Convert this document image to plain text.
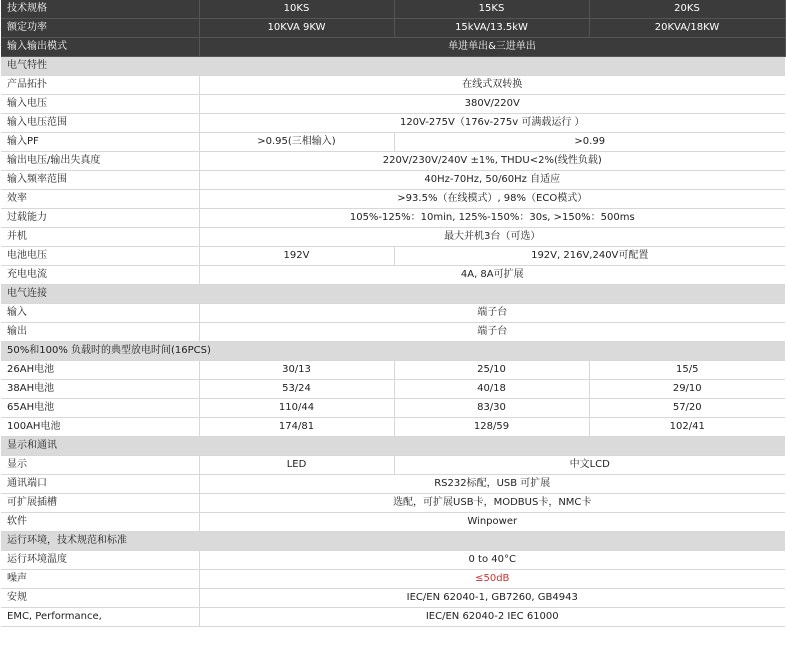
技术规格	10KS	15KS	20KS
额定功率	10KVA 9KW	15kVA/13.5kW	20KVA/18KW
输入输出模式	单进单出&三进单出		
电气特性			
产品拓扑	在线式双转换		
输入电压	380V/220V		
输入电压范围	120V-275V（176v-275v 可满载运行 ）		
输入PF	>0.95(三相输入)	>0.99	
输出电压/输出失真度	220V/230V/240V ±1%, THDU<2%(线性负载)		
输入频率范围	40Hz-70Hz, 50/60Hz 自适应		
效率	>93.5%（在线模式）, 98%（ECO模式）		
过载能力	105%-125%：10min, 125%-150%：30s, >150%：500ms		
并机	最大并机3台（可选）		
电池电压	192V	192V, 216V,240V可配置	
充电电流	4A, 8A可扩展		
电气连接			
输入	端子台		
输出	端子台		
50%和100% 负载时的典型放电时间(16PCS)			
26AH电池	30/13	25/10	15/5
38AH电池	53/24	40/18	29/10
65AH电池	110/44	83/30	57/20
100AH电池	174/81	128/59	102/41
显示和通讯			
显示	LED	中文LCD	
通讯端口	RS232标配，USB 可扩展		
可扩展插槽	选配，可扩展USB卡，MODBUS卡，NMC卡		
软件	Winpower		
运行环境，技术规范和标准			
运行环境温度	0 to 40°C		
噪声	≤50dB		
安规	IEC/EN 62040-1, GB7260, GB4943		
EMC, Performance,	IEC/EN 62040-2 IEC 61000		
